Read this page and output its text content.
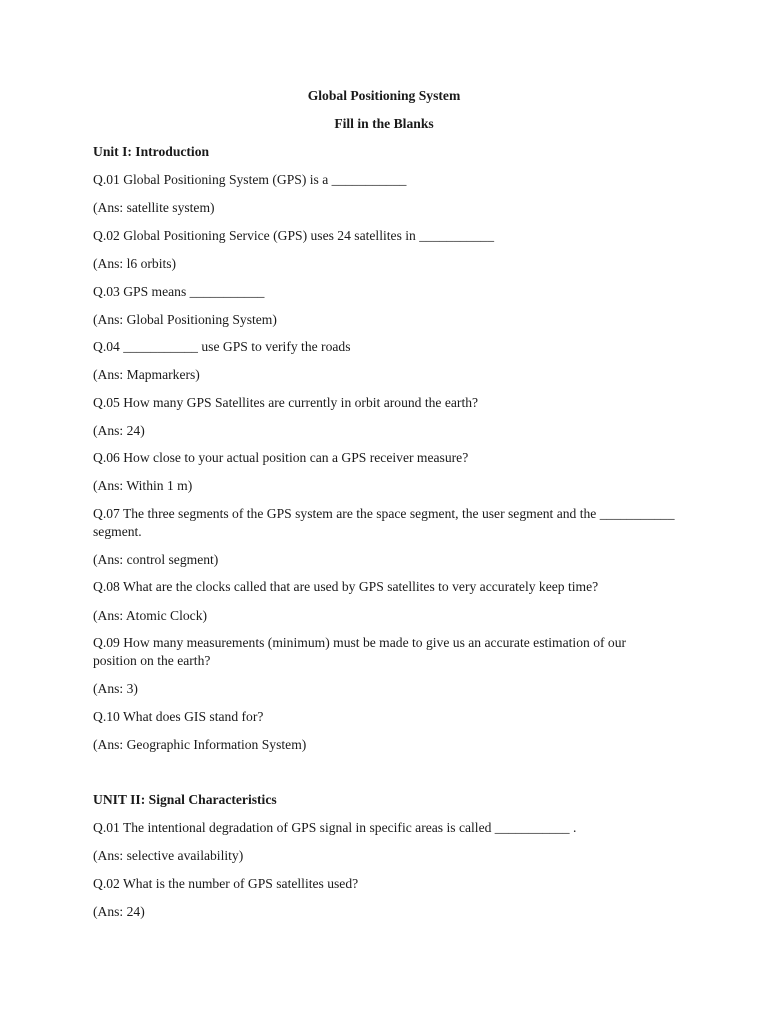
Global Positioning System
Fill in the Blanks
Unit I: Introduction
Q.01 Global Positioning System (GPS) is a ___________
(Ans: satellite system)
Q.02 Global Positioning Service (GPS) uses 24 satellites in ___________
(Ans: l6 orbits)
Q.03 GPS means ___________
(Ans: Global Positioning System)
Q.04 ___________ use GPS to verify the roads
(Ans: Mapmarkers)
Q.05 How many GPS Satellites are currently in orbit around the earth?
(Ans: 24)
Q.06 How close to your actual position can a GPS receiver measure?
(Ans: Within 1 m)
Q.07 The three segments of the GPS system are the space segment, the user segment and the ___________ segment.
(Ans: control segment)
Q.08 What are the clocks called that are used by GPS satellites to very accurately keep time?
(Ans: Atomic Clock)
Q.09 How many measurements (minimum) must be made to give us an accurate estimation of our position on the earth?
(Ans: 3)
Q.10 What does GIS stand for?
(Ans: Geographic Information System)
UNIT II: Signal Characteristics
Q.01 The intentional degradation of GPS signal in specific areas is called ___________ .
(Ans: selective availability)
Q.02 What is the number of GPS satellites used?
(Ans: 24)
